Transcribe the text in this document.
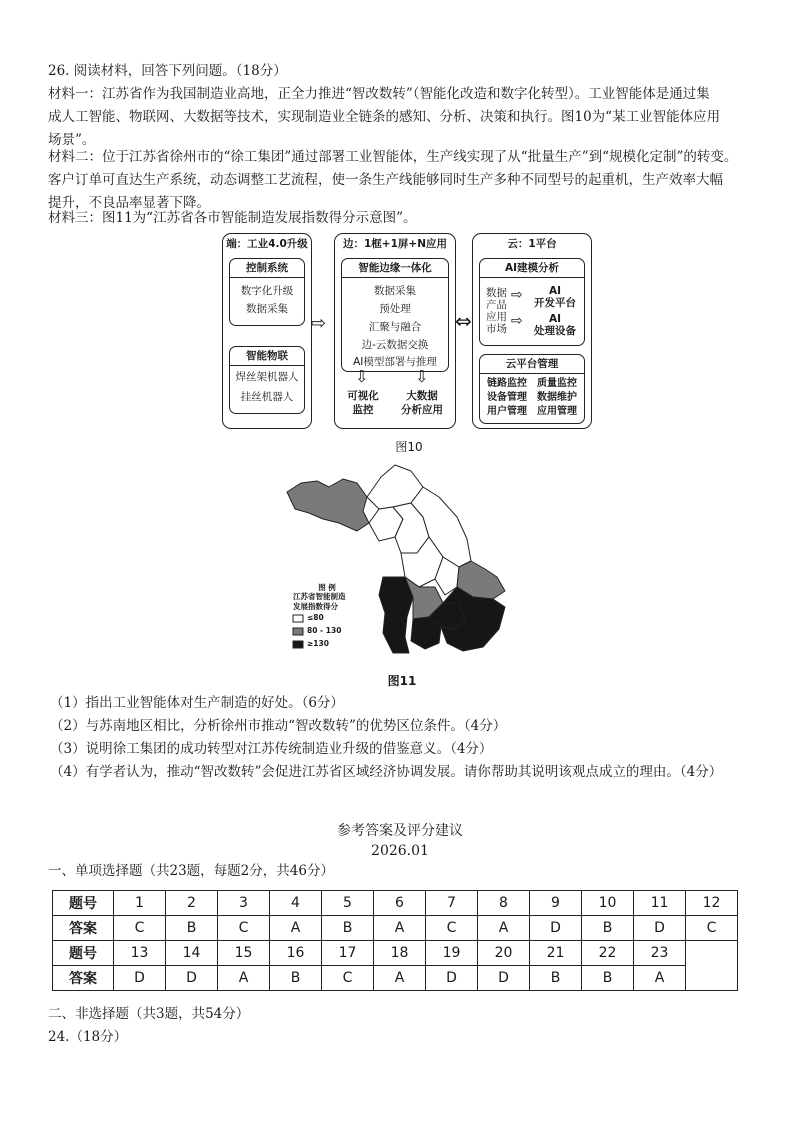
26. 阅读材料，回答下列问题。（18分）
材料一：江苏省作为我国制造业高地，正全力推进“智改数转”（智能化改造和数字化转型）。工业智能体是通过集
成人工智能、物联网、大数据等技术，实现制造业全链条的感知、分析、决策和执行。图10为“某工业智能体应用
场景”。
材料二：位于江苏省徐州市的“徐工集团”通过部署工业智能体，生产线实现了从“批量生产”到“规模化定制”的转变。
客户订单可直达生产系统，动态调整工艺流程，使一条生产线能够同时生产多种不同型号的起重机，生产效率大幅
提升，不良品率显著下降。
材料三：图11为“江苏省各市智能制造发展指数得分示意图”。
端：工业4.0升级
控制系统
数字化升级
数据采集
智能物联
焊丝架机器人
挂丝机器人
⇨
边：1框+1屏+N应用
智能边缘一体化
数据采集
预处理
汇聚与融合
边-云数据交换
AI模型部署与推理
⇩	⇩
可视化
监控
大数据
分析应用
⇔
云：1平台
AI建模分析
数据
产品
应用
市场
⇨
⇨
AI
开发平台
AI
处理设备
云平台管理
链路监控	质量监控
设备管理	数据维护
用户管理	应用管理
图10
图 例
江苏省智能制造
发展指数得分
≤80
80 - 130
≥130
图11
（1）指出工业智能体对生产制造的好处。（6分）
（2）与苏南地区相比，分析徐州市推动“智改数转”的优势区位条件。（4分）
（3）说明徐工集团的成功转型对江苏传统制造业升级的借鉴意义。（4分）
（4）有学者认为，推动“智改数转”会促进江苏省区域经济协调发展。请你帮助其说明该观点成立的理由。（4分）
参考答案及评分建议
2026.01
一、单项选择题（共23题，每题2分，共46分）
题号	1	2	3	4	5	6	7	8	9	10	11	12
答案	C	B	C	A	B	A	C	A	D	B	D	C
题号	13	14	15	16	17	18	19	20	21	22	23	
答案	D	D	A	B	C	A	D	D	B	B	A	
二、非选择题（共3题，共54分）
24.（18分）
